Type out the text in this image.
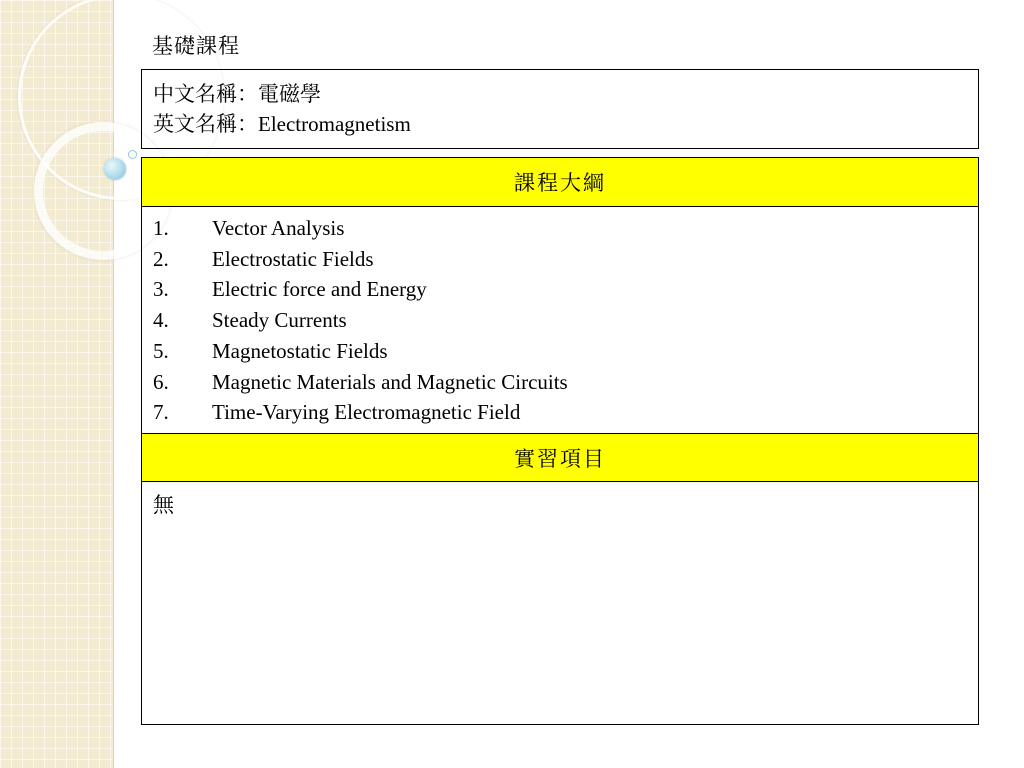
基礎課程
中文名稱：電磁學
英文名稱：Electromagnetism
課程大綱
1.	Vector Analysis
2.	Electrostatic Fields
3.	Electric force and Energy
4.	Steady Currents
5.	Magnetostatic Fields
6.	Magnetic Materials and Magnetic Circuits
7.	Time-Varying Electromagnetic Field
實習項目
無
